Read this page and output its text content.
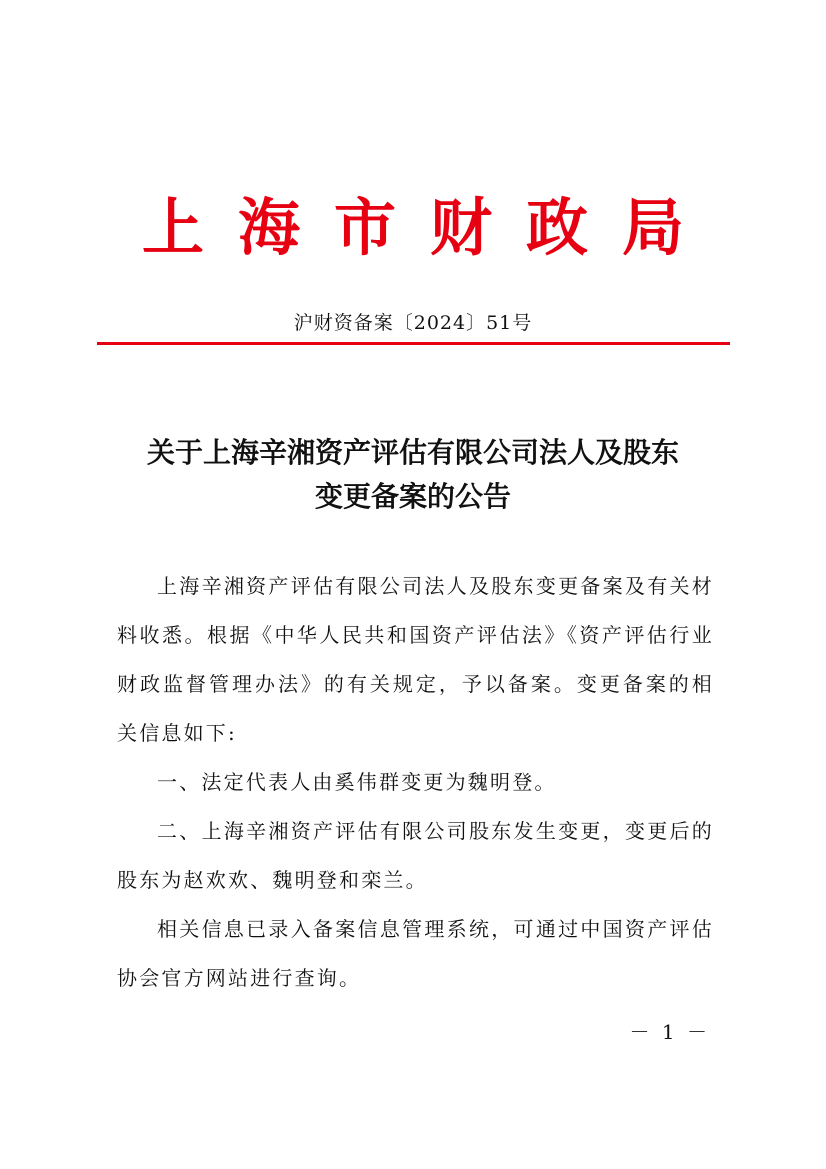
上海市财政局
沪财资备案〔2024〕51号
关于上海辛湘资产评估有限公司法人及股东
变更备案的公告

上海辛湘资产评估有限公司法人及股东变更备案及有关材料收悉。根据《中华人民共和国资产评估法》《资产评估行业财政监督管理办法》的有关规定，予以备案。变更备案的相关信息如下:

一、法定代表人由奚伟群变更为魏明登。

二、上海辛湘资产评估有限公司股东发生变更，变更后的股东为赵欢欢、魏明登和栾兰。

相关信息已录入备案信息管理系统，可通过中国资产评估协会官方网站进行查询。

－ 1 －
